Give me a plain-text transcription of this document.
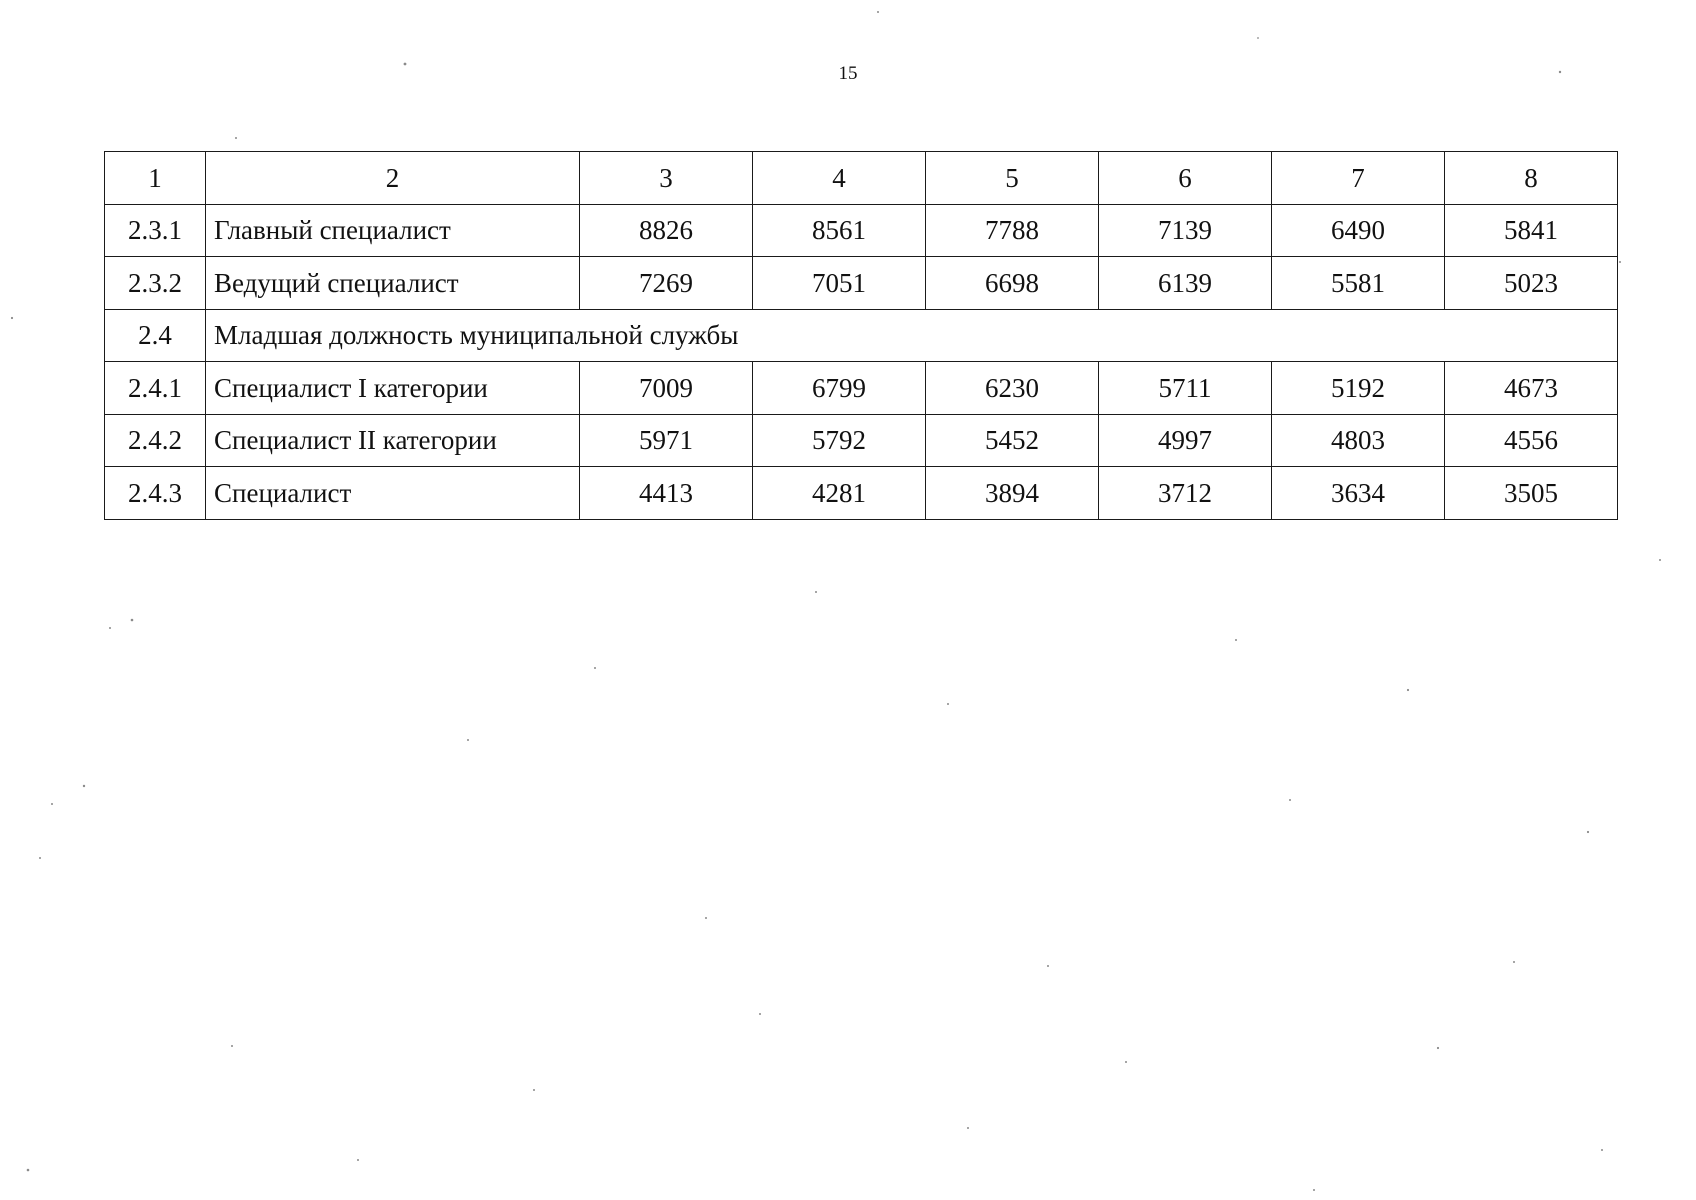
15
1	2	3	4	5	6	7	8
2.3.1	Главный специалист	8826	8561	7788	7139	6490	5841
2.3.2	Ведущий специалист	7269	7051	6698	6139	5581	5023
2.4	Младшая должность муниципальной службы						
2.4.1	Специалист I категории	7009	6799	6230	5711	5192	4673
2.4.2	Специалист II категории	5971	5792	5452	4997	4803	4556
2.4.3	Специалист	4413	4281	3894	3712	3634	3505
